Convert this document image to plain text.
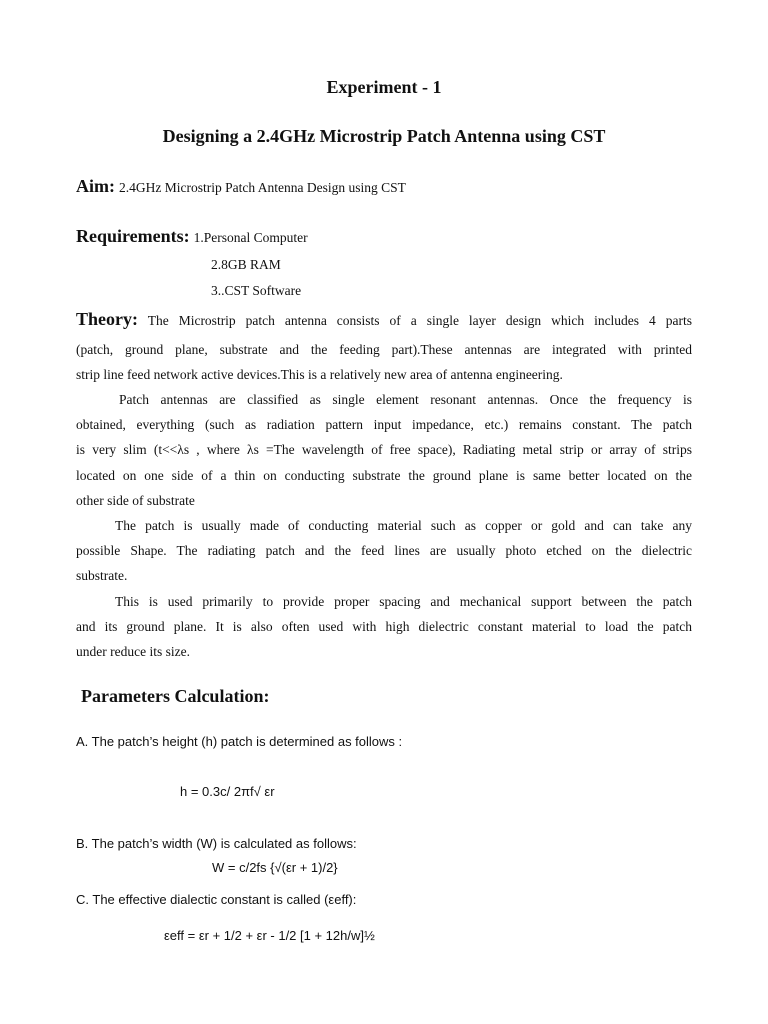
Experiment - 1
Designing a 2.4GHz Microstrip Patch Antenna using CST
Aim: 2.4GHz Microstrip Patch Antenna Design using CST
Requirements: 1.Personal Computer
2.8GB RAM
3..CST Software
Theory: The Microstrip patch antenna consists of a single layer design which includes 4 parts
(patch, ground plane, substrate and the feeding part).These antennas are integrated with printed
strip line feed network active devices.This is a relatively new area of antenna engineering.
Patch antennas are classified as single element resonant antennas. Once the frequency is
obtained, everything (such as radiation pattern input impedance, etc.) remains constant. The patch
is very slim (t<<λs , where λs =The wavelength of free space), Radiating metal strip or array of strips
located on one side of a thin on conducting substrate the ground plane is same better located on the
other side of substrate
The patch is usually made of conducting material such as copper or gold and can take any
possible Shape. The radiating patch and the feed lines are usually photo etched on the dielectric
substrate.
This is used primarily to provide proper spacing and mechanical support between the patch
and its ground plane. It is also often used with high dielectric constant material to load the patch
under reduce its size.
Parameters Calculation:
A. The patch’s height (h) patch is determined as follows :
h = 0.3c/ 2πf√ εr
B. The patch’s width (W) is calculated as follows:
W = c/2fs {√(εr + 1)/2}
C. The effective dialectic constant is called (εeff):
εeff = εr + 1/2 + εr - 1/2 [1 + 12h/w]½
